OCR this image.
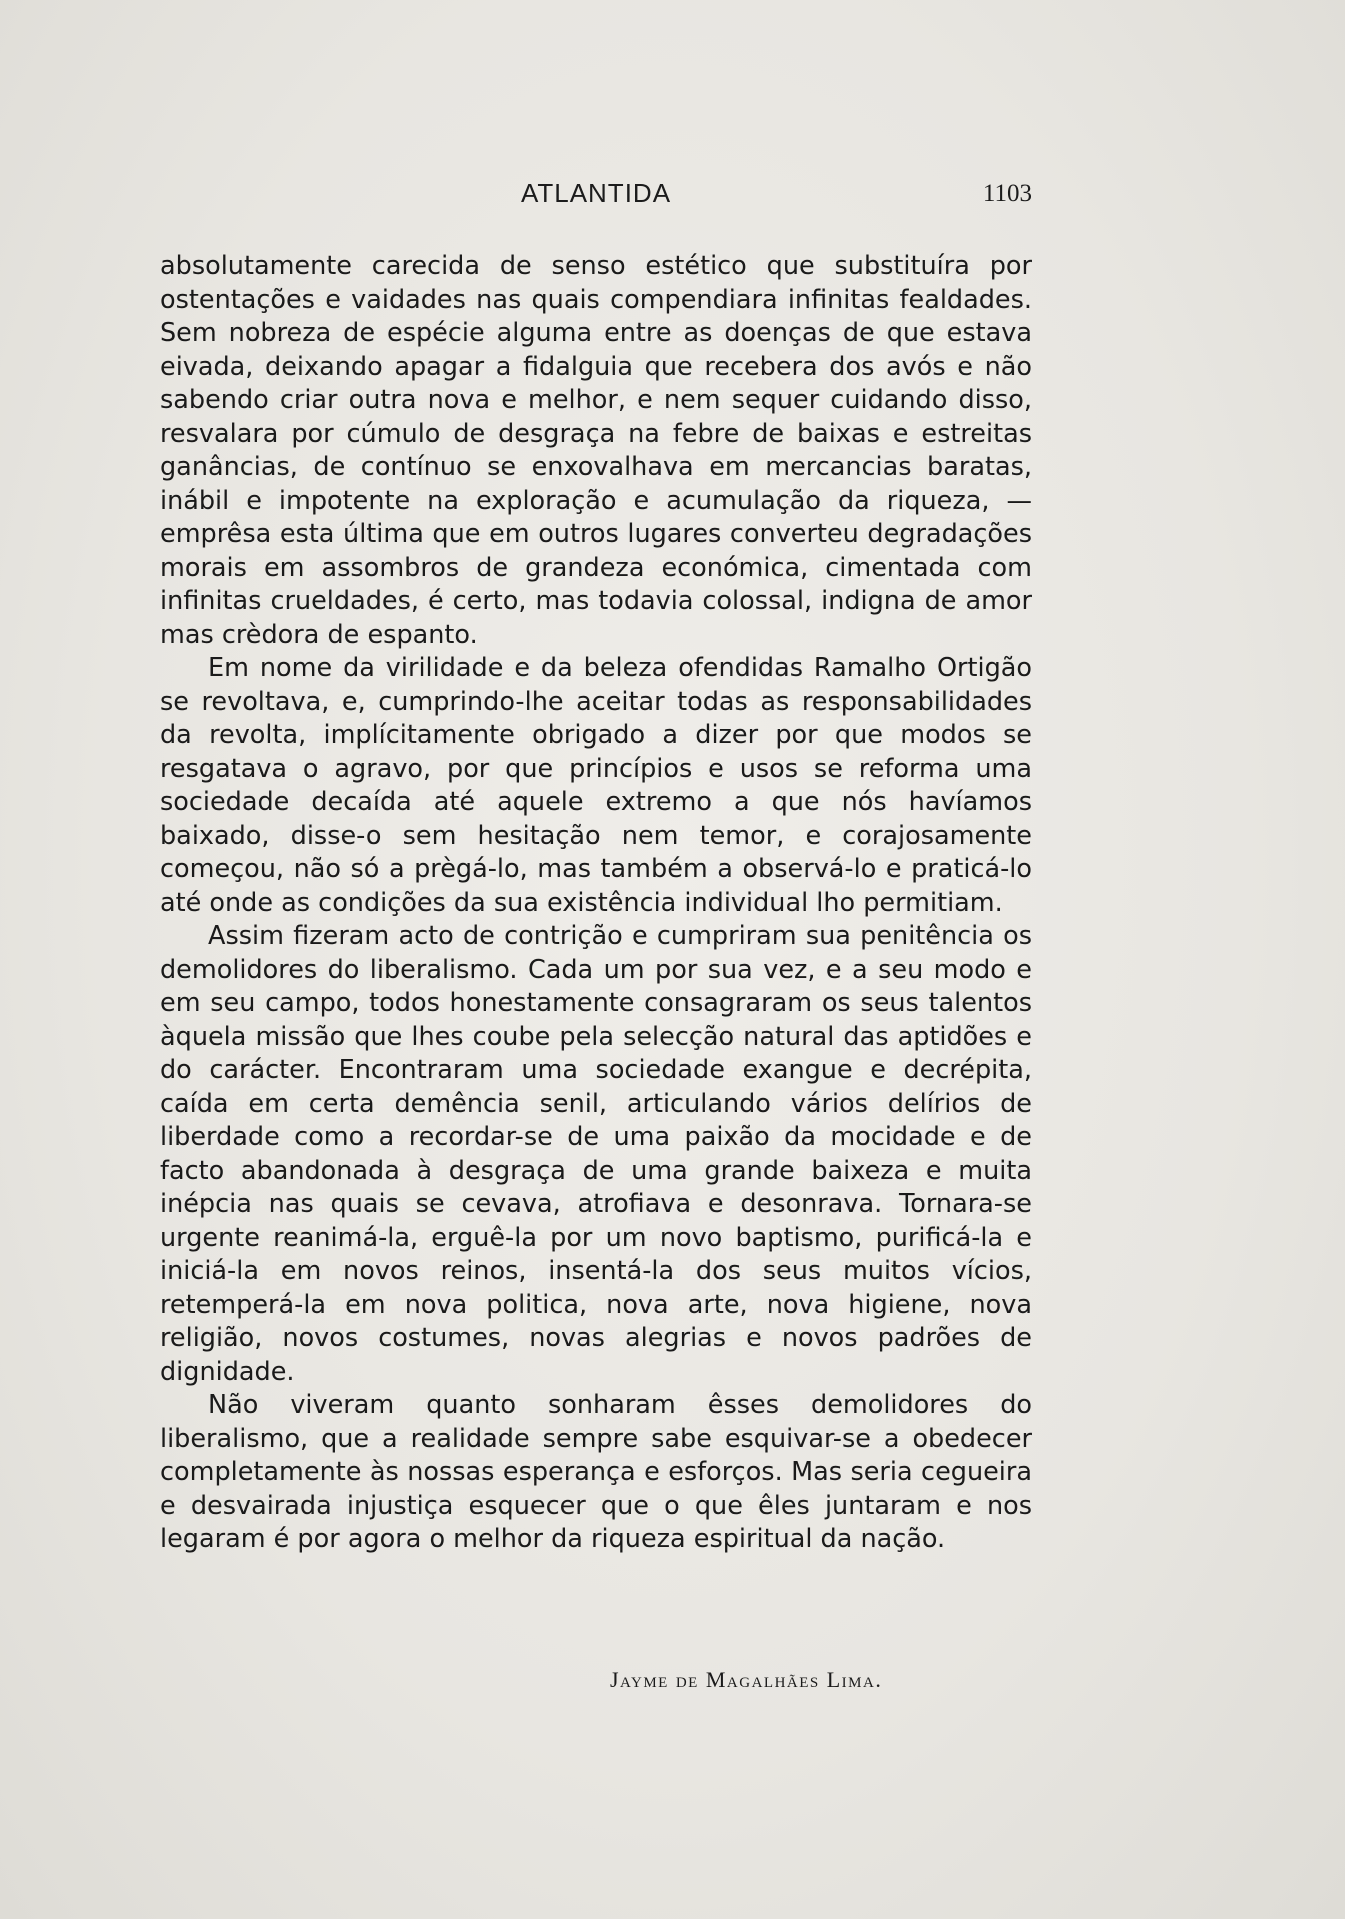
ATLANTIDA	1103

absolutamente carecida de senso estético que substituíra por ostentações e vaidades nas quais compendiara infinitas fealdades. Sem nobreza de espécie alguma entre as doenças de que estava eivada, deixando apagar a fidalguia que recebera dos avós e não sabendo criar outra nova e melhor, e nem sequer cuidando disso, resvalara por cúmulo de desgraça na febre de baixas e estreitas ganâncias, de contínuo se enxovalhava em mercancias baratas, inábil e impotente na exploração e acumulação da riqueza, — emprêsa esta última que em outros lugares converteu degradações morais em assombros de grandeza económica, cimentada com infinitas crueldades, é certo, mas todavia colossal, indigna de amor mas crèdora de espanto.

Em nome da virilidade e da beleza ofendidas Ramalho Ortigão se revoltava, e, cumprindo-lhe aceitar todas as responsabilidades da revolta, implícitamente obrigado a dizer por que modos se resgatava o agravo, por que princípios e usos se reforma uma sociedade decaída até aquele extremo a que nós havíamos baixado, disse-o sem hesitação nem temor, e corajosamente começou, não só a prègá-lo, mas também a observá-lo e praticá-lo até onde as condições da sua existência individual lho permitiam.

Assim fizeram acto de contrição e cumpriram sua penitência os demolidores do liberalismo. Cada um por sua vez, e a seu modo e em seu campo, todos honestamente consagraram os seus talentos àquela missão que lhes coube pela selecção natural das aptidões e do carácter. Encontraram uma sociedade exangue e decrépita, caída em certa demência senil, articulando vários delírios de liberdade como a recordar-se de uma paixão da mocidade e de facto abandonada à desgraça de uma grande baixeza e muita inépcia nas quais se cevava, atrofiava e desonrava. Tornara-se urgente reanimá-la, erguê-la por um novo baptismo, purificá-la e iniciá-la em novos reinos, insentá-la dos seus muitos vícios, retemperá-la em nova politica, nova arte, nova higiene, nova religião, novos costumes, novas alegrias e novos padrões de dignidade.

Não viveram quanto sonharam êsses demolidores do liberalismo, que a realidade sempre sabe esquivar-se a obedecer completamente às nossas esperança e esforços. Mas seria cegueira e desvairada injustiça esquecer que o que êles juntaram e nos legaram é por agora o melhor da riqueza espiritual da nação.

Jayme de Magalhães Lima.
